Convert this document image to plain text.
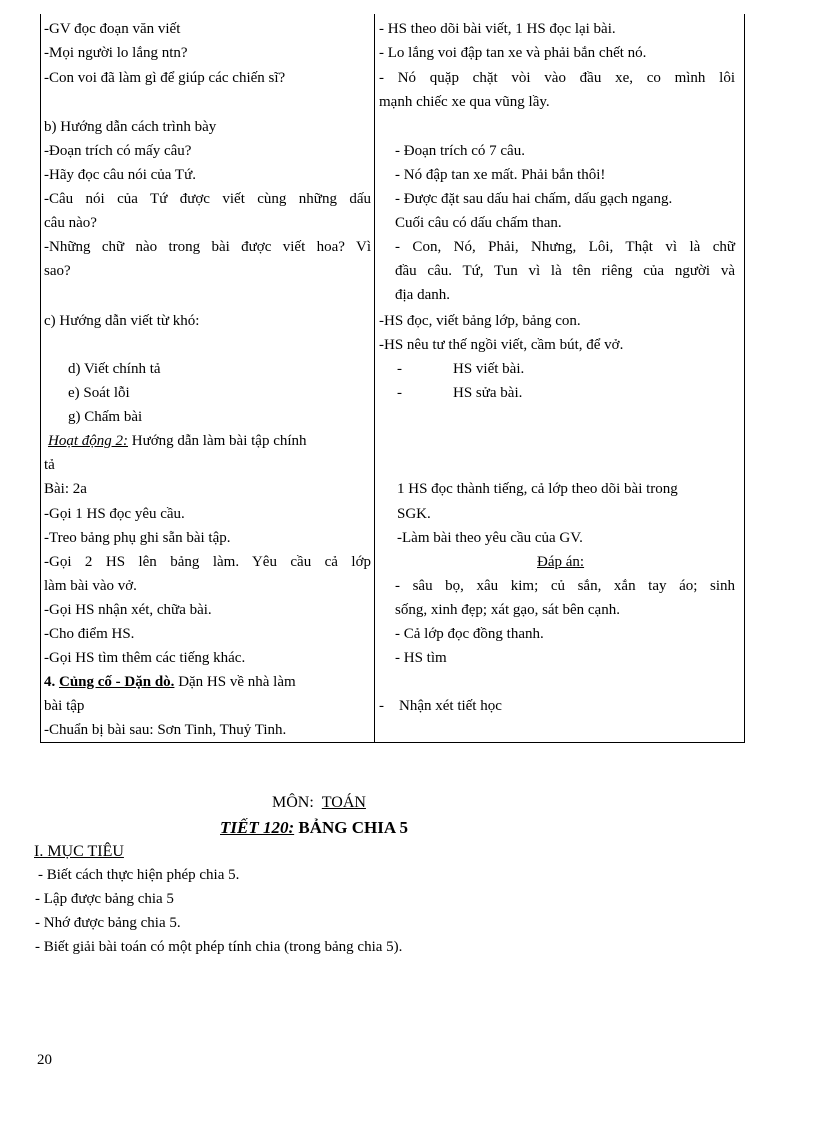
-GV đọc đoạn văn viết
-Mọi người lo lắng ntn?
-Con voi đã làm gì để giúp các chiến sĩ?
b) Hướng dẫn cách trình bày
-Đoạn trích có mấy câu?
-Hãy đọc câu nói của Tứ.
-Câu nói của Tứ được viết cùng những dấu
câu nào?
-Những chữ nào trong bài được viết hoa? Vì
sao?
c) Hướng dẫn viết từ khó:
d) Viết chính tả
e) Soát lỗi
g) Chấm bài
Hoạt động 2: Hướng dẫn làm bài tập chính
tả
Bài: 2a
-Gọi 1 HS đọc yêu cầu.
-Treo bảng phụ ghi sẵn bài tập.
-Gọi 2 HS lên bảng làm. Yêu cầu cả lớp
làm bài vào vở.
-Gọi HS nhận xét, chữa bài.
-Cho điểm HS.
-Gọi HS tìm thêm các tiếng khác.
4. Củng cố - Dặn dò. Dặn HS về nhà làm
bài tập
-Chuẩn bị bài sau: Sơn Tinh, Thuỷ Tinh.
- HS theo dõi bài viết, 1 HS đọc lại bài.
- Lo lắng voi đập tan xe và phải bắn chết nó.
- Nó quặp chặt vòi vào đầu xe, co mình lôi
mạnh chiếc xe qua vũng lầy.
- Đoạn trích có 7 câu.
- Nó đập tan xe mất. Phải bắn thôi!
- Được đặt sau dấu hai chấm, dấu gạch ngang.
Cuối câu có dấu chấm than.
- Con, Nó, Phải, Nhưng, Lôi, Thật vì là chữ
đầu câu. Tứ, Tun vì là tên riêng của người và
địa danh.
-HS đọc, viết bảng lớp, bảng con.
-HS nêu tư thế ngồi viết, cầm bút, để vở.
-	HS viết bài.
-	HS sửa bài.
1 HS đọc thành tiếng, cả lớp theo dõi bài trong
SGK.
-Làm bài theo yêu cầu của GV.
Đáp án:
- sâu bọ, xâu kim; củ sắn, xắn tay áo; sinh
sống, xinh đẹp; xát gạo, sát bên cạnh.
- Cả lớp đọc đồng thanh.
- HS tìm
- Nhận xét tiết học
MÔN: TOÁN
TIẾT 120: BẢNG CHIA 5
I. MỤC TIÊU
- Biết cách thực hiện phép chia 5.
- Lập được bảng chia 5
- Nhớ được bảng chia 5.
- Biết giải bài toán có một phép tính chia (trong bảng chia 5).
20
